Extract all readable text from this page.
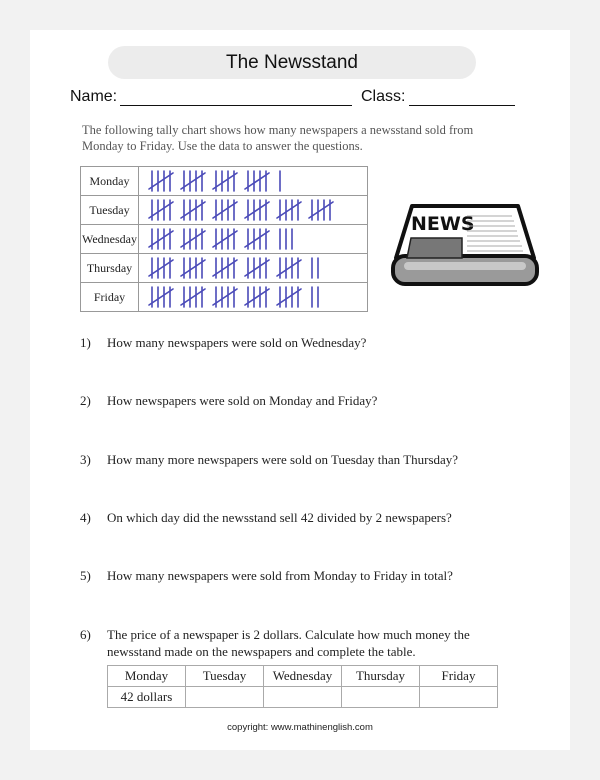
The Newsstand
Name:	Class:
The following tally chart shows how many newspapers a newsstand sold from Monday to Friday. Use the data to answer the questions.
Monday	

Tuesday	

Wednesday	

Thursday	

Friday	
NEWS
1)	How many newspapers were sold on Wednesday?
2)	How newspapers were sold on Monday and Friday?
3)	How many more newspapers were sold on Tuesday than Thursday?
4)	On which day did the newsstand sell 42 divided by 2 newspapers?
5)	How many newspapers were sold from Monday to Friday in total?
6)	The price of a newspaper is 2 dollars. Calculate how much money the newsstand made on the newspapers and complete the table.
Monday	Tuesday	Wednesday	Thursday	Friday
42 dollars				
copyright: www.mathinenglish.com
